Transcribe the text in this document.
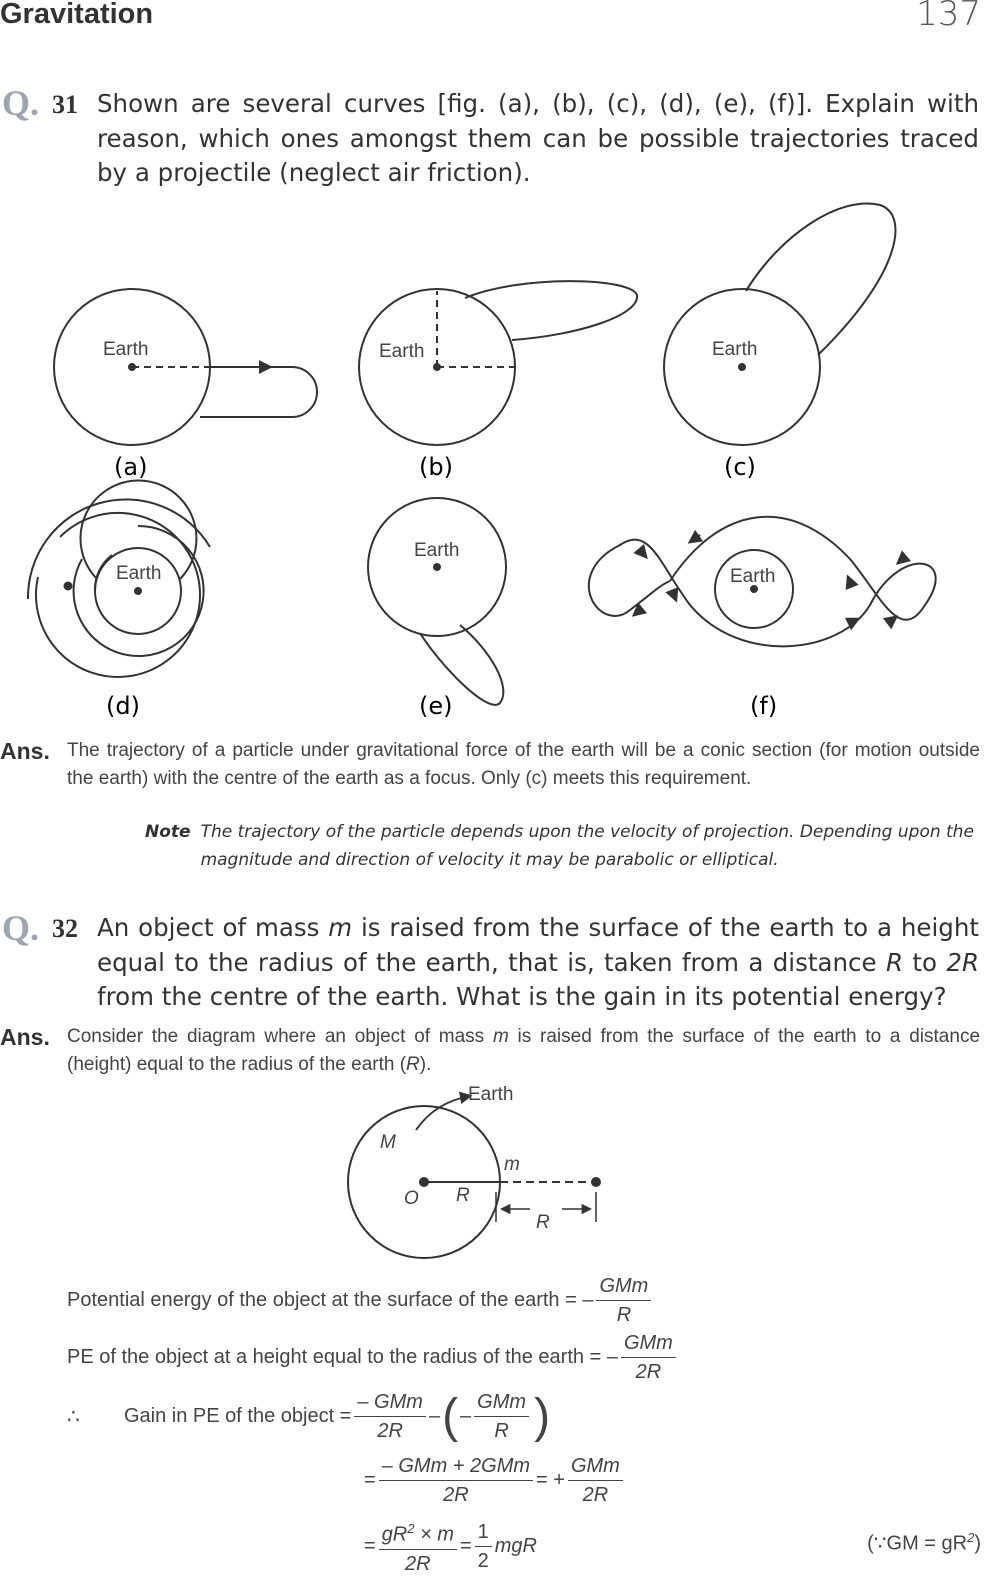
Gravitation	137
Q. 31 Shown are several curves [fig. (a), (b), (c), (d), (e), (f)]. Explain with reason, which ones amongst them can be possible trajectories traced by a projectile (neglect air friction).
Earth	Earth	Earth
Earth
Earth
Earth
(a)	(b)	(c)
(d)	(e)	(f)
Ans. The trajectory of a particle under gravitational force of the earth will be a conic section (for motion outside the earth) with the centre of the earth as a focus. Only (c) meets this requirement.
Note The trajectory of the particle depends upon the velocity of projection. Depending upon the magnitude and direction of velocity it may be parabolic or elliptical.
Q. 32 An object of mass m is raised from the surface of the earth to a height equal to the radius of the earth, that is, taken from a distance R to 2R from the centre of the earth. What is the gain in its potential energy?
Ans. Consider the diagram where an object of mass m is raised from the surface of the earth to a distance (height) equal to the radius of the earth (R).
Earth
M
m
O R
R
Potential energy of the object at the surface of the earth = – $\frac{\text{GMm}}{R}$
PE of the object at a height equal to the radius of the earth = – $\frac{\text{GMm}}{2R}$
∴	Gain in PE of the object = $\frac{\text{– GMm}}{2R}$ – ( – $\frac{\text{GMm}}{R}$ )
= $\frac{\text{– GMm + 2GMm}}{2R}$ = + $\frac{\text{GMm}}{2R}$
= $\frac{gR^2 \times m}{2R} = \frac{1}{2}$ mgR	(∵GM = $gR^2$)
